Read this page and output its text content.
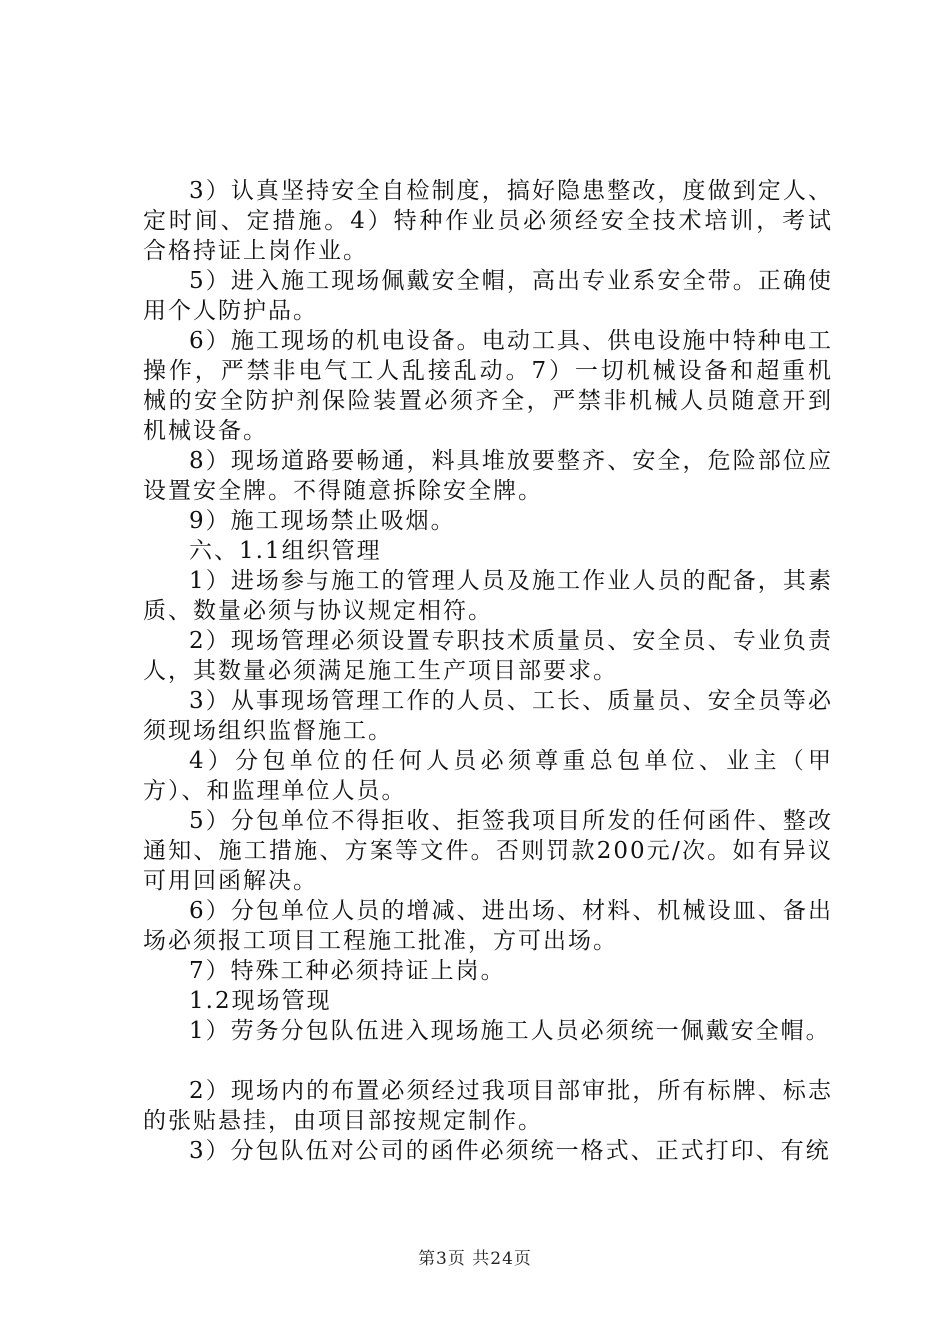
3）认真坚持安全自检制度，搞好隐患整改，度做到定人、定时间、定措施。4）特种作业员必须经安全技术培训，考试合格持证上岗作业。

5）进入施工现场佩戴安全帽，高出专业系安全带。正确使用个人防护品。

6）施工现场的机电设备。电动工具、供电设施中特种电工操作，严禁非电气工人乱接乱动。7）一切机械设备和超重机械的安全防护剂保险装置必须齐全，严禁非机械人员随意开到机械设备。

8）现场道路要畅通，料具堆放要整齐、安全，危险部位应设置安全牌。不得随意拆除安全牌。

9）施工现场禁止吸烟。

六、1.1组织管理

1）进场参与施工的管理人员及施工作业人员的配备，其素质、数量必须与协议规定相符。

2）现场管理必须设置专职技术质量员、安全员、专业负责人，其数量必须满足施工生产项目部要求。

3）从事现场管理工作的人员、工长、质量员、安全员等必须现场组织监督施工。

4）分包单位的任何人员必须尊重总包单位、业主（甲方）、和监理单位人员。

5）分包单位不得拒收、拒签我项目所发的任何函件、整改通知、施工措施、方案等文件。否则罚款200元/次。如有异议可用回函解决。

6）分包单位人员的增减、进出场、材料、机械设皿、备出场必须报工项目工程施工批准，方可出场。

7）特殊工种必须持证上岗。

1.2现场管现

1）劳务分包队伍进入现场施工人员必须统一佩戴安全帽。

2）现场内的布置必须经过我项目部审批，所有标牌、标志的张贴悬挂，由项目部按规定制作。

3）分包队伍对公司的函件必须统一格式、正式打印、有统

第3页 共24页
